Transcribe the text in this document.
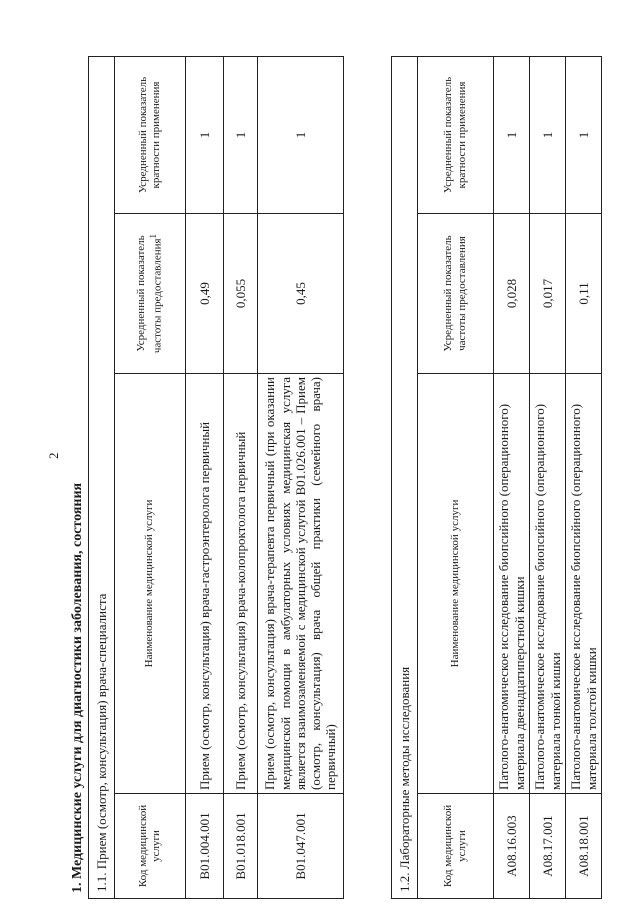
2
1. Медицинские услуги для диагностики заболевания, состояния 1.1. Прием (осмотр, консультация) врача-специалиста			
Код медицинской услуги	Наименование медицинской услуги	Усредненный показатель частоты предоставления$^1$	Усредненный показатель кратности применения
B01.004.001	Прием (осмотр, консультация) врача-гастроэнтеролога первичный	0,49	1
B01.018.001	Прием (осмотр, консультация) врача-колопроктолога первичный	0,055	1
B01.047.001	Прием (осмотр, консультация) врача-терапевта первичный (при оказании медицинской помощи в амбулаторных условиях медицинская услуга является взаимозаменяемой с медицинской услугой B01.026.001 – Прием (осмотр, консультация) врача общей практики (семейного врача) первичный)	0,45	1
1.2. Лабораторные методы исследования			
Код медицинской услуги	Наименование медицинской услуги	Усредненный показатель частоты предоставления	Усредненный показатель кратности применения
A08.16.003	Патолого-анатомическое исследование биопсийного (операционного) материала двенадцатиперстной кишки	0,028	1
A08.17.001	Патолого-анатомическое исследование биопсийного (операционного) материала тонкой кишки	0,017	1
A08.18.001	Патолого-анатомическое исследование биопсийного (операционного) материала толстой кишки	0,11	1
